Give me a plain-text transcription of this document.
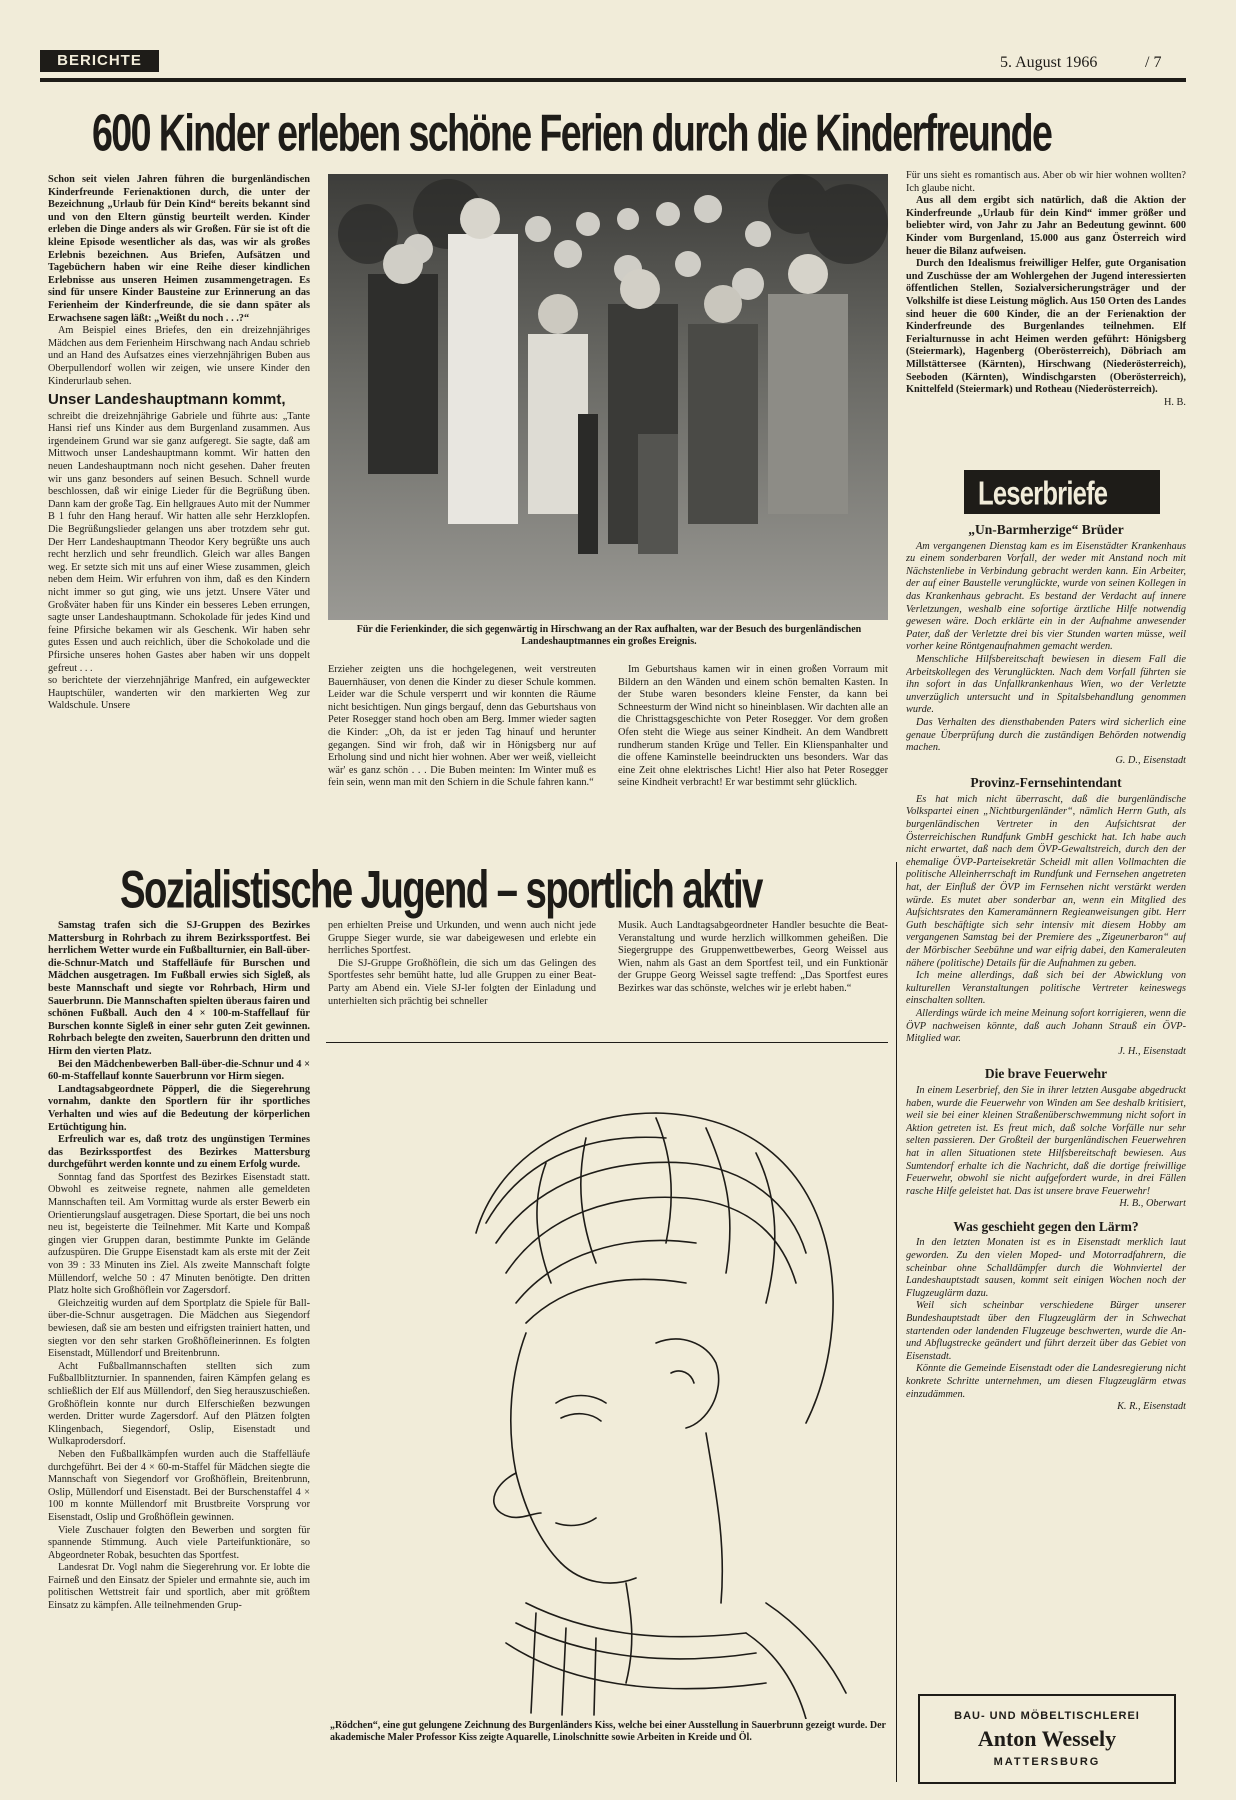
BERICHTE	5. August 1966	/ 7
600 Kinder erleben schöne Ferien durch die Kinderfreunde

Schon seit vielen Jahren führen die burgenländischen Kinderfreunde Ferienaktionen durch, die unter der Bezeichnung „Urlaub für Dein Kind“ bereits bekannt sind und von den Eltern günstig beurteilt werden. Kinder erleben die Dinge anders als wir Großen. Für sie ist oft die kleine Episode wesentlicher als das, was wir als großes Erlebnis bezeichnen. Aus Briefen, Aufsätzen und Tagebüchern haben wir eine Reihe dieser kindlichen Erlebnisse aus unseren Heimen zusammengetragen. Es sind für unsere Kinder Bausteine zur Erinnerung an das Ferienheim der Kinderfreunde, die sie dann später als Erwachsene sagen läßt: „Weißt du noch . . .?“

Am Beispiel eines Briefes, den ein dreizehnjähriges Mädchen aus dem Ferienheim Hirschwang nach Andau schrieb und an Hand des Aufsatzes eines vierzehnjährigen Buben aus Oberpullendorf wollen wir zeigen, wie unsere Kinder den Kinderurlaub sehen.

Unser Landeshauptmann kommt,

schreibt die dreizehnjährige Gabriele und führte aus: „Tante Hansi rief uns Kinder aus dem Burgenland zusammen. Aus irgendeinem Grund war sie ganz aufgeregt. Sie sagte, daß am Mittwoch unser Landeshauptmann kommt. Wir hatten den neuen Landeshauptmann noch nicht gesehen. Daher freuten wir uns ganz besonders auf seinen Besuch. Schnell wurde beschlossen, daß wir einige Lieder für die Begrüßung üben. Dann kam der große Tag. Ein hellgraues Auto mit der Nummer B 1 fuhr den Hang herauf. Wir hatten alle sehr Herzklopfen. Die Begrüßungslieder gelangen uns aber trotzdem sehr gut. Der Herr Landeshauptmann Theodor Kery begrüßte uns auch recht herzlich und sehr freundlich. Gleich war alles Bangen weg. Er setzte sich mit uns auf einer Wiese zusammen, gleich neben dem Heim. Wir erfuhren von ihm, daß es den Kindern nicht immer so gut ging, wie uns jetzt. Unsere Väter und Großväter haben für uns Kinder ein besseres Leben errungen, sagte unser Landeshauptmann. Schokolade für jedes Kind und feine Pfirsiche bekamen wir als Geschenk. Wir haben sehr gutes Essen und auch reichlich, über die Schokolade und die Pfirsiche unseres hohen Gastes aber haben wir uns doppelt gefreut . . .

so berichtete der vierzehnjährige Manfred, ein aufgeweckter Hauptschüler, wanderten wir den markierten Weg zur Waldschule. Unsere

Für die Ferienkinder, die sich gegenwärtig in Hirschwang an der Rax aufhalten, war der Besuch des burgenländischen Landeshauptmannes ein großes Ereignis.

Erzieher zeigten uns die hochgelegenen, weit verstreuten Bauernhäuser, von denen die Kinder zu dieser Schule kommen. Leider war die Schule versperrt und wir konnten die Räume nicht besichtigen. Nun gings bergauf, denn das Geburtshaus von Peter Rosegger stand hoch oben am Berg. Immer wieder sagten die Kinder: „Oh, da ist er jeden Tag hinauf und herunter gegangen. Sind wir froh, daß wir in Hönigsberg nur auf Erholung sind und nicht hier wohnen. Aber wer weiß, vielleicht wär' es ganz schön . . . Die Buben meinten: Im Winter muß es fein sein, wenn man mit den Schiern in die Schule fahren kann.“

Im Geburtshaus kamen wir in einen großen Vorraum mit Bildern an den Wänden und einem schön bemalten Kasten. In der Stube waren besonders kleine Fenster, da kann bei Schneesturm der Wind nicht so hineinblasen. Wir dachten alle an die Christtagsgeschichte von Peter Rosegger. Vor dem großen Ofen steht die Wiege aus seiner Kindheit. An dem Wandbrett rundherum standen Krüge und Teller. Ein Klienspanhalter und die offene Kaminstelle beeindruckten uns besonders. War das eine Zeit ohne elektrisches Licht! Hier also hat Peter Rosegger seine Kindheit verbracht! Er war bestimmt sehr glücklich.

Für uns sieht es romantisch aus. Aber ob wir hier wohnen wollten? Ich glaube nicht.

Aus all dem ergibt sich natürlich, daß die Aktion der Kinderfreunde „Urlaub für dein Kind“ immer größer und beliebter wird, von Jahr zu Jahr an Bedeutung gewinnt. 600 Kinder vom Burgenland, 15.000 aus ganz Österreich wird heuer die Bilanz aufweisen.

Durch den Idealismus freiwilliger Helfer, gute Organisation und Zuschüsse der am Wohlergehen der Jugend interessierten öffentlichen Stellen, Sozialversicherungsträger und der Volkshilfe ist diese Leistung möglich. Aus 150 Orten des Landes sind heuer die 600 Kinder, die an der Ferienaktion der Kinderfreunde des Burgenlandes teilnehmen. Elf Ferialturnusse in acht Heimen werden geführt: Hönigsberg (Steiermark), Hagenberg (Oberösterreich), Döbriach am Millstättersee (Kärnten), Hirschwang (Niederösterreich), Seeboden (Kärnten), Windischgarsten (Oberösterreich), Knittelfeld (Steiermark) und Rotheau (Niederösterreich).

H. B.

Leserbriefe

„Un-Barmherzige“ Brüder

Am vergangenen Dienstag kam es im Eisenstädter Krankenhaus zu einem sonderbaren Vorfall, der weder mit Anstand noch mit Nächstenliebe in Verbindung gebracht werden kann. Ein Arbeiter, der auf einer Baustelle verunglückte, wurde von seinen Kollegen in das Krankenhaus gebracht. Es bestand der Verdacht auf innere Verletzungen, weshalb eine sofortige ärztliche Hilfe notwendig gewesen wäre. Doch erklärte ein in der Aufnahme anwesender Pater, daß der Verletzte drei bis vier Stunden warten müsse, weil vorher keine Röntgenaufnahmen gemacht werden.

Menschliche Hilfsbereitschaft bewiesen in diesem Fall die Arbeitskollegen des Verunglückten. Nach dem Vorfall führten sie ihn sofort in das Unfallkrankenhaus Wien, wo der Verletzte unverzüglich untersucht und in Spitalsbehandlung genommen wurde.

Das Verhalten des diensthabenden Paters wird sicherlich eine genaue Überprüfung durch die zuständigen Behörden notwendig machen.

G. D., Eisenstadt

Provinz-Fernsehintendant

Es hat mich nicht überrascht, daß die burgenländische Volkspartei einen „Nichtburgenländer“, nämlich Herrn Guth, als burgenländischen Vertreter in den Aufsichtsrat der Österreichischen Rundfunk GmbH geschickt hat. Ich habe auch nicht erwartet, daß nach dem ÖVP-Gewaltstreich, durch den der ehemalige ÖVP-Parteisekretär Scheidl mit allen Vollmachten die politische Alleinherrschaft im Rundfunk und Fernsehen angetreten hat, der Einfluß der ÖVP im Fernsehen nicht verstärkt werden würde. Es mutet aber sonderbar an, wenn ein Mitglied des Aufsichtsrates den Kameramännern Regieanweisungen gibt. Herr Guth beschäftigte sich sehr intensiv mit diesem Hobby am vergangenen Samstag bei der Premiere des „Zigeunerbaron“ auf der Mörbischer Seebühne und war eifrig dabei, den Kameraleuten nähere (politische) Details für die Aufnahmen zu geben.

Ich meine allerdings, daß sich bei der Abwicklung von kulturellen Veranstaltungen politische Vertreter keineswegs einschalten sollten.

Allerdings würde ich meine Meinung sofort korrigieren, wenn die ÖVP nachweisen könnte, daß auch Johann Strauß ein ÖVP-Mitglied war.

J. H., Eisenstadt

Die brave Feuerwehr

In einem Leserbrief, den Sie in ihrer letzten Ausgabe abgedruckt haben, wurde die Feuerwehr von Winden am See deshalb kritisiert, weil sie bei einer kleinen Straßenüberschwemmung nicht sofort in Aktion getreten ist. Es freut mich, daß solche Vorfälle nur sehr selten passieren. Der Großteil der burgenländischen Feuerwehren hat in allen Situationen stete Hilfsbereitschaft bewiesen. Aus Sumtendorf erhalte ich die Nachricht, daß die dortige freiwillige Feuerwehr, obwohl sie nicht aufgefordert wurde, in drei Fällen rasche Hilfe geleistet hat. Das ist unsere brave Feuerwehr!

H. B., Oberwart

Was geschieht gegen den Lärm?

In den letzten Monaten ist es in Eisenstadt merklich laut geworden. Zu den vielen Moped- und Motorradfahrern, die scheinbar ohne Schalldämpfer durch die Wohnviertel der Landeshauptstadt sausen, kommt seit einigen Wochen noch der Flugzeuglärm dazu.

Weil sich scheinbar verschiedene Bürger unserer Bundeshauptstadt über den Flugzeuglärm der in Schwechat startenden oder landenden Flugzeuge beschwerten, wurde die An- und Abflugstrecke geändert und führt derzeit über das Gebiet von Eisenstadt.

Könnte die Gemeinde Eisenstadt oder die Landesregierung nicht konkrete Schritte unternehmen, um diesen Flugzeuglärm etwas einzudämmen.

K. R., Eisenstadt

BAU- UND MÖBELTISCHLEREI
Anton Wessely
MATTERSBURG
Sozialistische Jugend – sportlich aktiv

Samstag trafen sich die SJ-Gruppen des Bezirkes Mattersburg in Rohrbach zu ihrem Bezirkssportfest. Bei herrlichem Wetter wurde ein Fußballturnier, ein Ball-über-die-Schnur-Match und Staffelläufe für Burschen und Mädchen ausgetragen. Im Fußball erwies sich Sigleß, als beste Mannschaft und siegte vor Rohrbach, Hirm und Sauerbrunn. Die Mannschaften spielten überaus fairen und schönen Fußball. Auch den 4 × 100-m-Staffellauf für Burschen konnte Sigleß in einer sehr guten Zeit gewinnen. Rohrbach belegte den zweiten, Sauerbrunn den dritten und Hirm den vierten Platz.

Bei den Mädchenbewerben Ball-über-die-Schnur und 4 × 60-m-Staffellauf konnte Sauerbrunn vor Hirm siegen.

Landtagsabgeordnete Pöpperl, die die Siegerehrung vornahm, dankte den Sportlern für ihr sportliches Verhalten und wies auf die Bedeutung der körperlichen Ertüchtigung hin.

Erfreulich war es, daß trotz des ungünstigen Termines das Bezirkssportfest des Bezirkes Mattersburg durchgeführt werden konnte und zu einem Erfolg wurde.

Sonntag fand das Sportfest des Bezirkes Eisenstadt statt. Obwohl es zeitweise regnete, nahmen alle gemeldeten Mannschaften teil. Am Vormittag wurde als erster Bewerb ein Orientierungslauf ausgetragen. Diese Sportart, die bei uns noch neu ist, begeisterte die Teilnehmer. Mit Karte und Kompaß gingen vier Gruppen daran, bestimmte Punkte im Gelände aufzuspüren. Die Gruppe Eisenstadt kam als erste mit der Zeit von 39 : 33 Minuten ins Ziel. Als zweite Mannschaft folgte Müllendorf, welche 50 : 47 Minuten benötigte. Den dritten Platz holte sich Großhöflein vor Zagersdorf.

Gleichzeitig wurden auf dem Sportplatz die Spiele für Ball-über-die-Schnur ausgetragen. Die Mädchen aus Siegendorf bewiesen, daß sie am besten und eifrigsten trainiert hatten, und siegten vor den sehr starken Großhöfleinerinnen. Es folgten Eisenstadt, Müllendorf und Breitenbrunn.

Acht Fußballmannschaften stellten sich zum Fußballblitzturnier. In spannenden, fairen Kämpfen gelang es schließlich der Elf aus Müllendorf, den Sieg herauszuschießen. Großhöflein konnte nur durch Elferschießen bezwungen werden. Dritter wurde Zagersdorf. Auf den Plätzen folgten Klingenbach, Siegendorf, Oslip, Eisenstadt und Wulkaprodersdorf.

Neben den Fußballkämpfen wurden auch die Staffelläufe durchgeführt. Bei der 4 × 60-m-Staffel für Mädchen siegte die Mannschaft von Siegendorf vor Großhöflein, Breitenbrunn, Oslip, Müllendorf und Eisenstadt. Bei der Burschenstaffel 4 × 100 m konnte Müllendorf mit Brustbreite Vorsprung vor Eisenstadt, Oslip und Großhöflein gewinnen.

Viele Zuschauer folgten den Bewerben und sorgten für spannende Stimmung. Auch viele Parteifunktionäre, so Abgeordneter Robak, besuchten das Sportfest.

Landesrat Dr. Vogl nahm die Siegerehrung vor. Er lobte die Fairneß und den Einsatz der Spieler und ermahnte sie, auch im politischen Wettstreit fair und sportlich, aber mit größtem Einsatz zu kämpfen. Alle teilnehmenden Grup-

pen erhielten Preise und Urkunden, und wenn auch nicht jede Gruppe Sieger wurde, sie war dabeigewesen und erlebte ein herrliches Sportfest.

Die SJ-Gruppe Großhöflein, die sich um das Gelingen des Sportfestes sehr bemüht hatte, lud alle Gruppen zu einer Beat-Party am Abend ein. Viele SJ-ler folgten der Einladung und unterhielten sich prächtig bei schneller

Musik. Auch Landtagsabgeordneter Handler besuchte die Beat-Veranstaltung und wurde herzlich willkommen geheißen. Die Siegergruppe des Gruppenwettbewerbes, Georg Weissel aus Wien, nahm als Gast an dem Sportfest teil, und ein Funktionär der Gruppe Georg Weissel sagte treffend: „Das Sportfest eures Bezirkes war das schönste, welches wir je erlebt haben.“

„Rödchen“, eine gut gelungene Zeichnung des Burgenländers Kiss, welche bei einer Ausstellung in Sauerbrunn gezeigt wurde. Der akademische Maler Professor Kiss zeigte Aquarelle, Linolschnitte sowie Arbeiten in Kreide und Öl.
